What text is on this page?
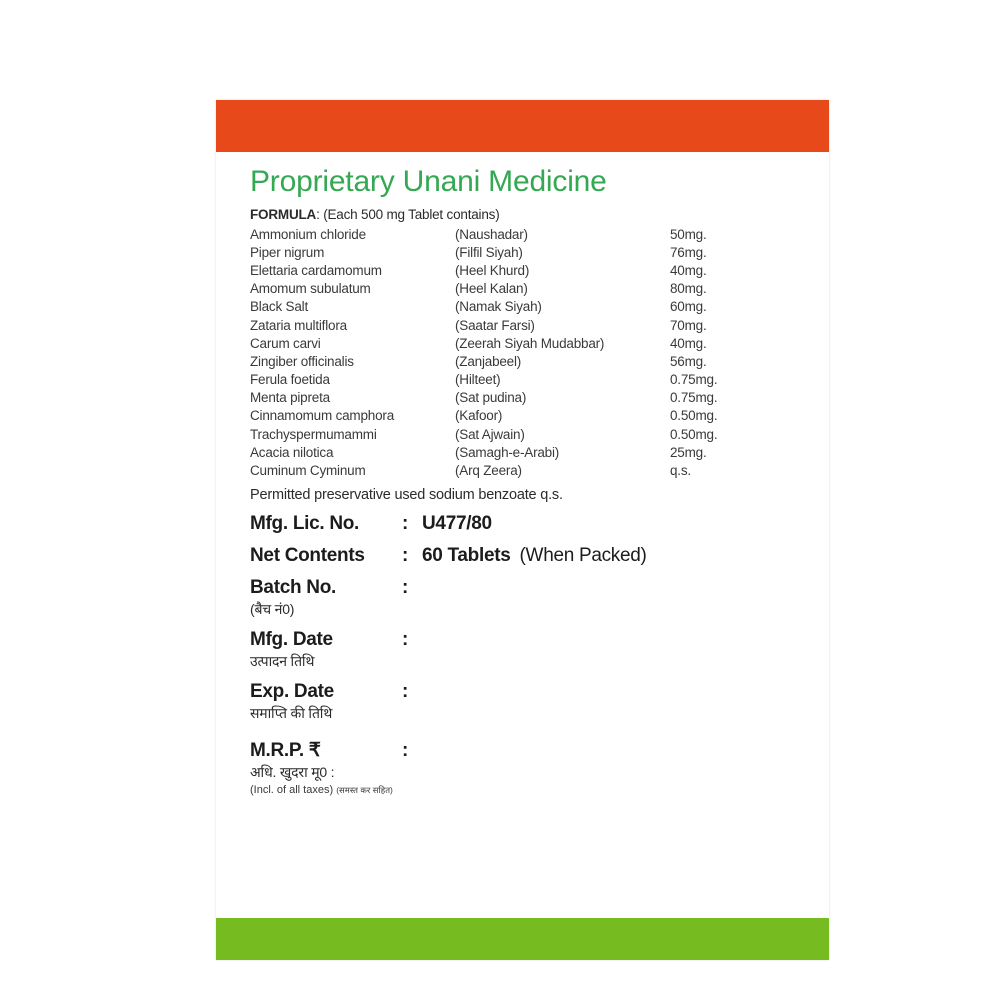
Proprietary Unani Medicine
FORMULA: (Each 500 mg Tablet contains)
Ammonium chloride	(Naushadar)	50mg.
Piper nigrum	(Filfil Siyah)	76mg.
Elettaria cardamomum	(Heel Khurd)	40mg.
Amomum subulatum	(Heel Kalan)	80mg.
Black Salt	(Namak Siyah)	60mg.
Zataria multiflora	(Saatar Farsi)	70mg.
Carum carvi	(Zeerah Siyah Mudabbar)	40mg.
Zingiber officinalis	(Zanjabeel)	56mg.
Ferula foetida	(Hilteet)	0.75mg.
Menta pipreta	(Sat pudina)	0.75mg.
Cinnamomum camphora	(Kafoor)	0.50mg.
Trachyspermumammi	(Sat Ajwain)	0.50mg.
Acacia nilotica	(Samagh-e-Arabi)	25mg.
Cuminum Cyminum	(Arq Zeera)	q.s.
Permitted preservative used sodium benzoate q.s.
Mfg. Lic. No.	: U477/80
Net Contents	: 60 Tablets (When Packed)
Batch No.	:
(बैच नं0)
Mfg. Date	:
उत्पादन तिथि
Exp. Date	:
समाप्ति की तिथि
M.R.P. ₹	:
अधि. खुदरा मू0 :
(Incl. of all taxes) (समस्त कर सहित)
